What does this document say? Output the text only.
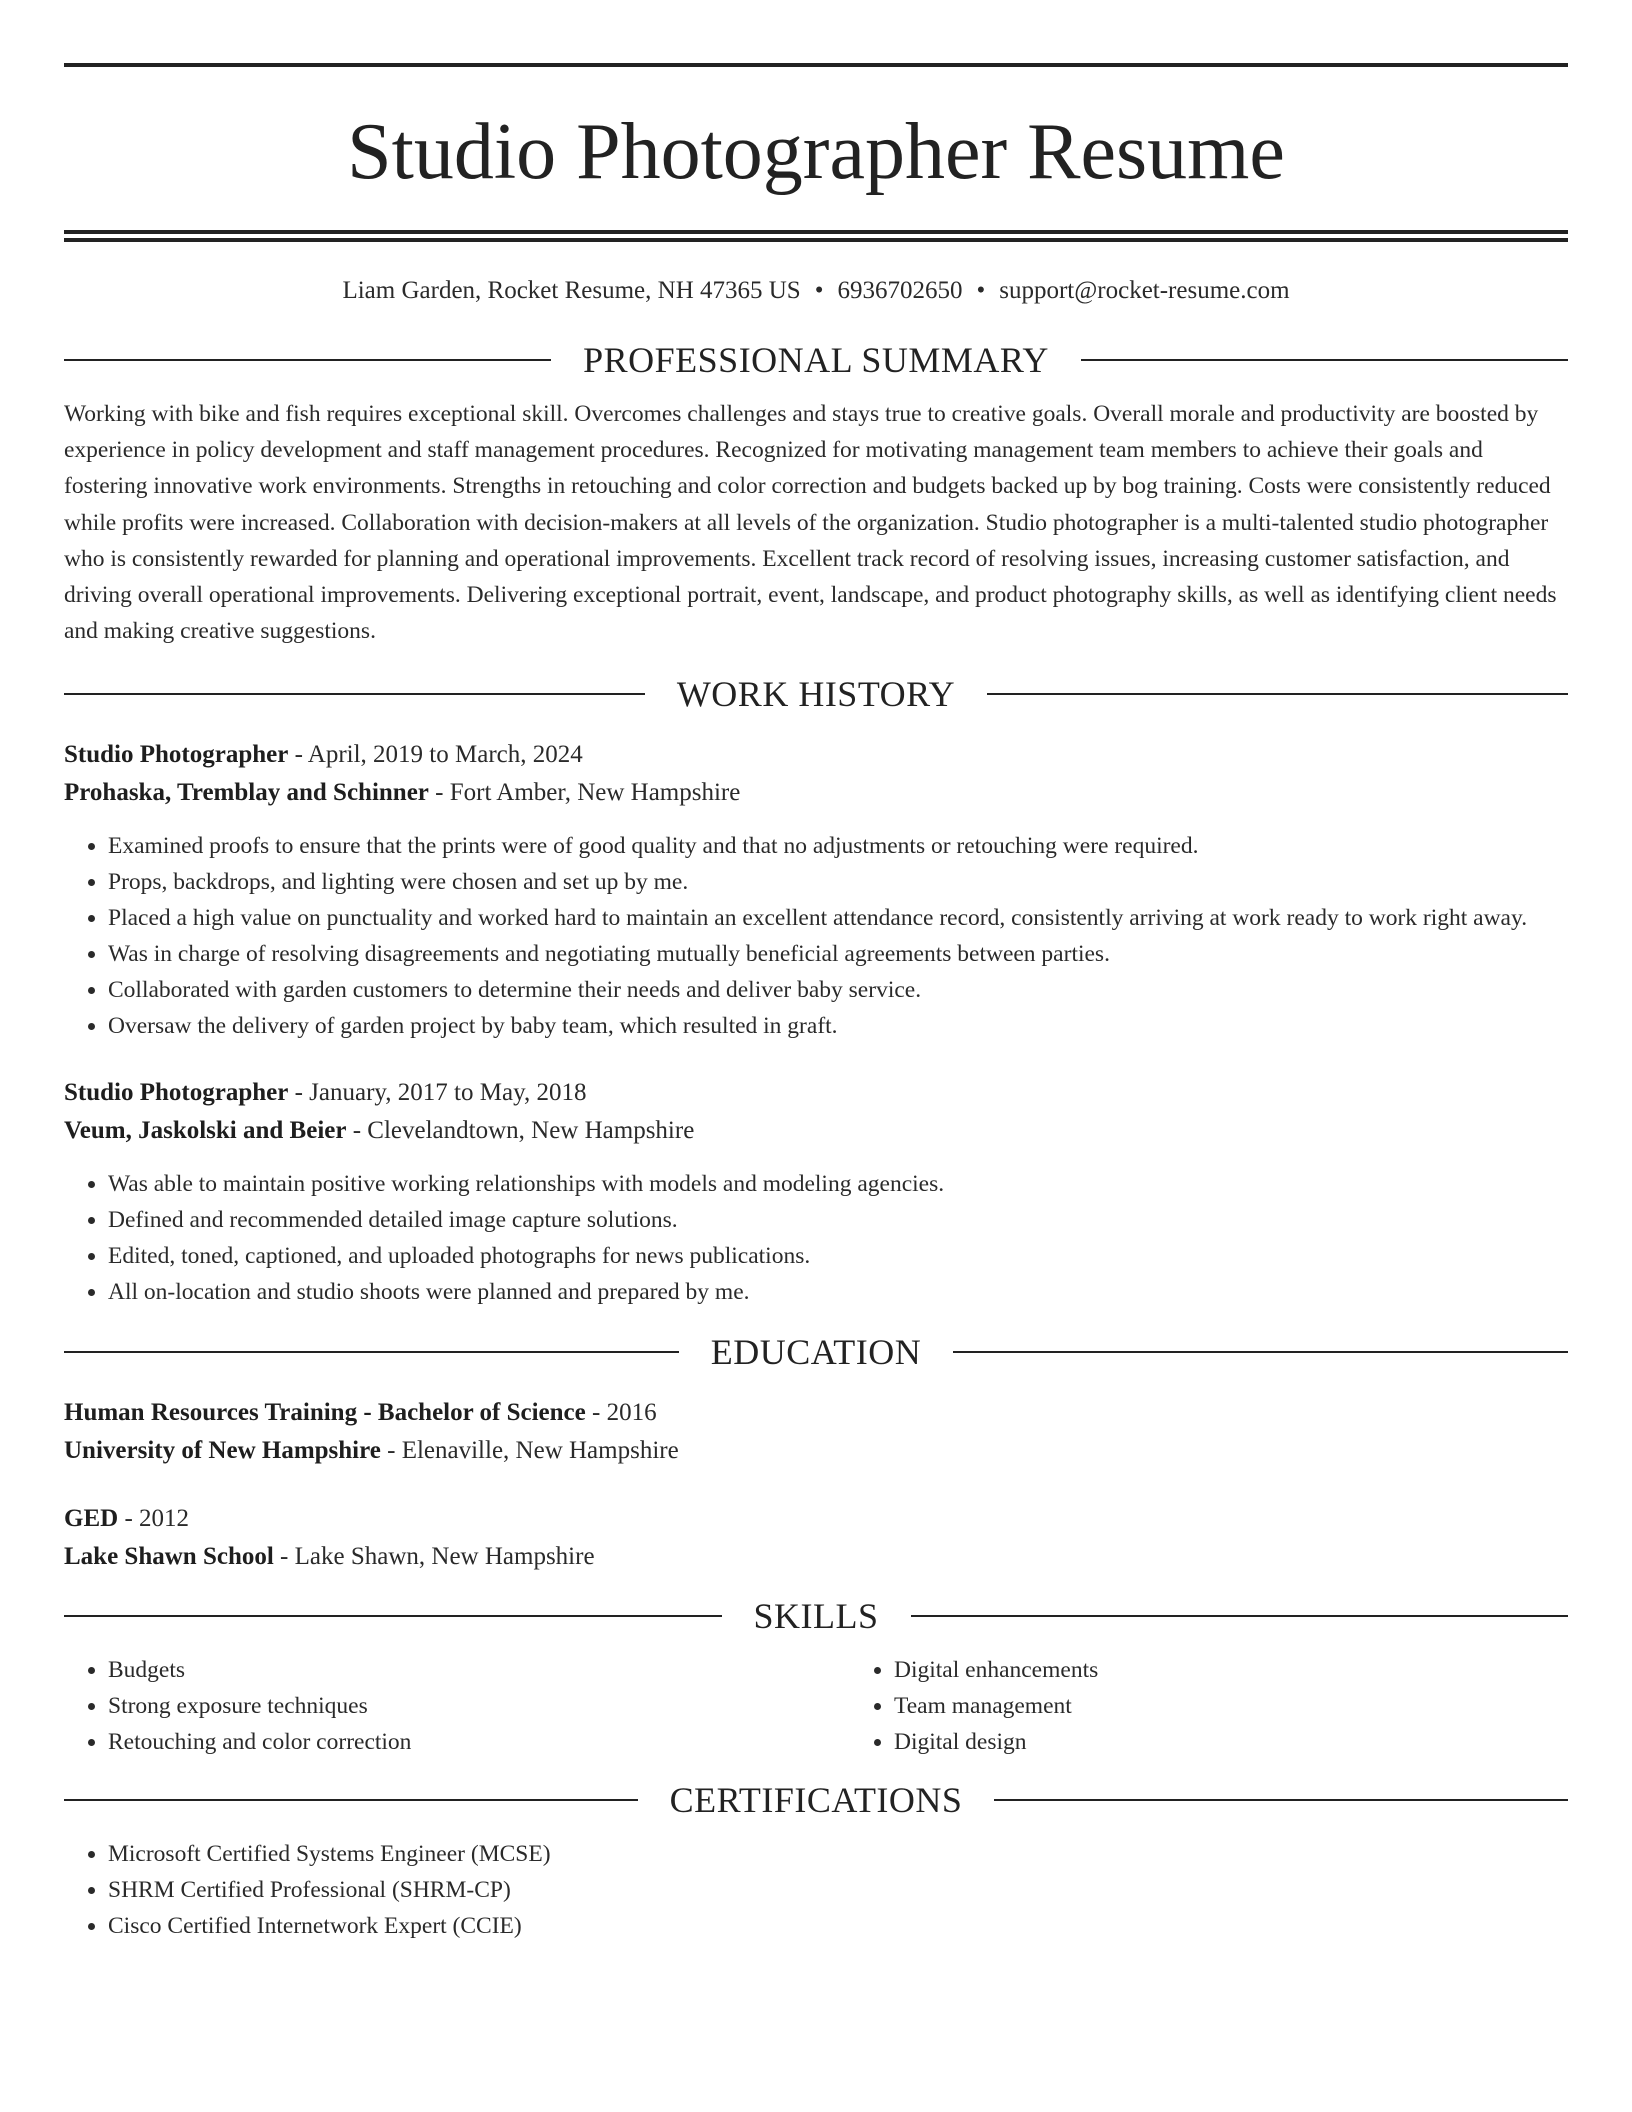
Studio Photographer Resume
Liam Garden, Rocket Resume, NH 47365 US • 6936702650 • support@rocket-resume.com
PROFESSIONAL SUMMARY

Working with bike and fish requires exceptional skill. Overcomes challenges and stays true to creative goals. Overall morale and productivity are boosted by experience in policy development and staff management procedures. Recognized for motivating management team members to achieve their goals and fostering innovative work environments. Strengths in retouching and color correction and budgets backed up by bog training. Costs were consistently reduced while profits were increased. Collaboration with decision-makers at all levels of the organization. Studio photographer is a multi-talented studio photographer who is consistently rewarded for planning and operational improvements. Excellent track record of resolving issues, increasing customer satisfaction, and driving overall operational improvements. Delivering exceptional portrait, event, landscape, and product photography skills, as well as identifying client needs and making creative suggestions.

WORK HISTORY
Studio Photographer - April, 2019 to March, 2024
Prohaska, Tremblay and Schinner - Fort Amber, New Hampshire
• Examined proofs to ensure that the prints were of good quality and that no adjustments or retouching were required.
• Props, backdrops, and lighting were chosen and set up by me.
• Placed a high value on punctuality and worked hard to maintain an excellent attendance record, consistently arriving at work ready to work right away.
• Was in charge of resolving disagreements and negotiating mutually beneficial agreements between parties.
• Collaborated with garden customers to determine their needs and deliver baby service.
• Oversaw the delivery of garden project by baby team, which resulted in graft.
Studio Photographer - January, 2017 to May, 2018
Veum, Jaskolski and Beier - Clevelandtown, New Hampshire
• Was able to maintain positive working relationships with models and modeling agencies.
• Defined and recommended detailed image capture solutions.
• Edited, toned, captioned, and uploaded photographs for news publications.
• All on-location and studio shoots were planned and prepared by me.
EDUCATION
Human Resources Training - Bachelor of Science - 2016
University of New Hampshire - Elenaville, New Hampshire
GED - 2012
Lake Shawn School - Lake Shawn, New Hampshire
SKILLS
• Budgets
• Strong exposure techniques
• Retouching and color correction
• Digital enhancements
• Team management
• Digital design
CERTIFICATIONS
• Microsoft Certified Systems Engineer (MCSE)
• SHRM Certified Professional (SHRM-CP)
• Cisco Certified Internetwork Expert (CCIE)
